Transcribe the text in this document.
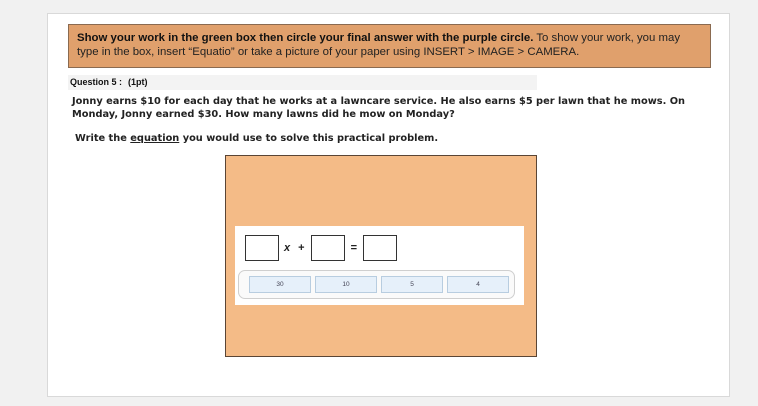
Show your work in the green box then circle your final answer with the purple circle. To show your work, you may type in the box, insert “Equatio” or take a picture of your paper using INSERT > IMAGE > CAMERA.
Question 5 : (1pt)
Jonny earns $10 for each day that he works at a lawncare service. He also earns $5 per lawn that he mows. On Monday, Jonny earned $30. How many lawns did he mow on Monday?
Write the equation you would use to solve this practical problem.
x +	=
30	10	5	4
